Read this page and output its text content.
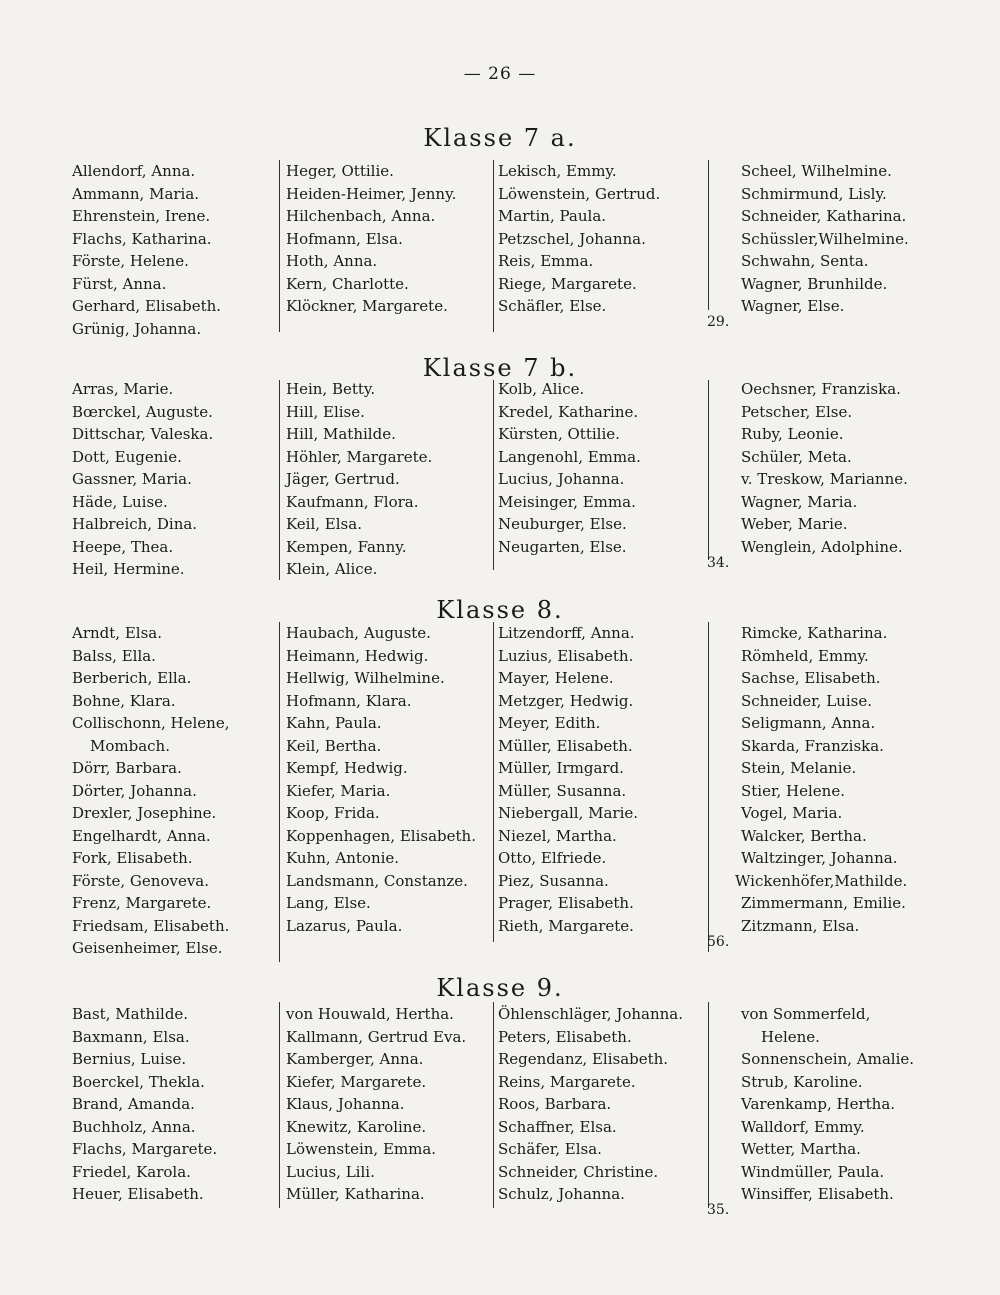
— 26 —
Klasse 7 a.
Allendorf, Anna.
Ammann, Maria.
Ehrenstein, Irene.
Flachs, Katharina.
Förste, Helene.
Fürst, Anna.
Gerhard, Elisabeth.
Grünig, Johanna.
Heger, Ottilie.
Heiden-Heimer, Jenny.
Hilchenbach, Anna.
Hofmann, Elsa.
Hoth, Anna.
Kern, Charlotte.
Klöckner, Margarete.
Lekisch, Emmy.
Löwenstein, Gertrud.
Martin, Paula.
Petzschel, Johanna.
Reis, Emma.
Riege, Margarete.
Schäfler, Else.
Scheel, Wilhelmine.
Schmirmund, Lisly.
Schneider, Katharina.
Schüssler,Wilhelmine.
Schwahn, Senta.
Wagner, Brunhilde.
29.
Wagner, Else.
Klasse 7 b.
Arras, Marie.
Bœrckel, Auguste.
Dittschar, Valeska.
Dott, Eugenie.
Gassner, Maria.
Häde, Luise.
Halbreich, Dina.
Heepe, Thea.
Heil, Hermine.
Hein, Betty.
Hill, Elise.
Hill, Mathilde.
Höhler, Margarete.
Jäger, Gertrud.
Kaufmann, Flora.
Keil, Elsa.
Kempen, Fanny.
Klein, Alice.
Kolb, Alice.
Kredel, Katharine.
Kürsten, Ottilie.
Langenohl, Emma.
Lucius, Johanna.
Meisinger, Emma.
Neuburger, Else.
Neugarten, Else.
Oechsner, Franziska.
Petscher, Else.
Ruby, Leonie.
Schüler, Meta.
v. Treskow, Marianne.
Wagner, Maria.
Weber, Marie.
34.
Wenglein, Adolphine.
Klasse 8.
Arndt, Elsa.
Balss, Ella.
Berberich, Ella.
Bohne, Klara.
Collischonn, Helene,
Mombach.
Dörr, Barbara.
Dörter, Johanna.
Drexler, Josephine.
Engelhardt, Anna.
Fork, Elisabeth.
Förste, Genoveva.
Frenz, Margarete.
Friedsam, Elisabeth.
Geisenheimer, Else.
Haubach, Auguste.
Heimann, Hedwig.
Hellwig, Wilhelmine.
Hofmann, Klara.
Kahn, Paula.
Keil, Bertha.
Kempf, Hedwig.
Kiefer, Maria.
Koop, Frida.
Koppenhagen, Elisabeth.
Kuhn, Antonie.
Landsmann, Constanze.
Lang, Else.
Lazarus, Paula.
Litzendorff, Anna.
Luzius, Elisabeth.
Mayer, Helene.
Metzger, Hedwig.
Meyer, Edith.
Müller, Elisabeth.
Müller, Irmgard.
Müller, Susanna.
Niebergall, Marie.
Niezel, Martha.
Otto, Elfriede.
Piez, Susanna.
Prager, Elisabeth.
Rieth, Margarete.
Rimcke, Katharina.
Römheld, Emmy.
Sachse, Elisabeth.
Schneider, Luise.
Seligmann, Anna.
Skarda, Franziska.
Stein, Melanie.
Stier, Helene.
Vogel, Maria.
Walcker, Bertha.
Waltzinger, Johanna.
Wickenhöfer,Mathilde.
Zimmermann, Emilie.
56.
Zitzmann, Elsa.
Klasse 9.
Bast, Mathilde.
Baxmann, Elsa.
Bernius, Luise.
Boerckel, Thekla.
Brand, Amanda.
Buchholz, Anna.
Flachs, Margarete.
Friedel, Karola.
Heuer, Elisabeth.
von Houwald, Hertha.
Kallmann, Gertrud Eva.
Kamberger, Anna.
Kiefer, Margarete.
Klaus, Johanna.
Knewitz, Karoline.
Löwenstein, Emma.
Lucius, Lili.
Müller, Katharina.
Öhlenschläger, Johanna.
Peters, Elisabeth.
Regendanz, Elisabeth.
Reins, Margarete.
Roos, Barbara.
Schaffner, Elsa.
Schäfer, Elsa.
Schneider, Christine.
Schulz, Johanna.
von Sommerfeld,
Helene.
Sonnenschein, Amalie.
Strub, Karoline.
Varenkamp, Hertha.
Walldorf, Emmy.
Wetter, Martha.
Windmüller, Paula.
35.
Winsiffer, Elisabeth.
